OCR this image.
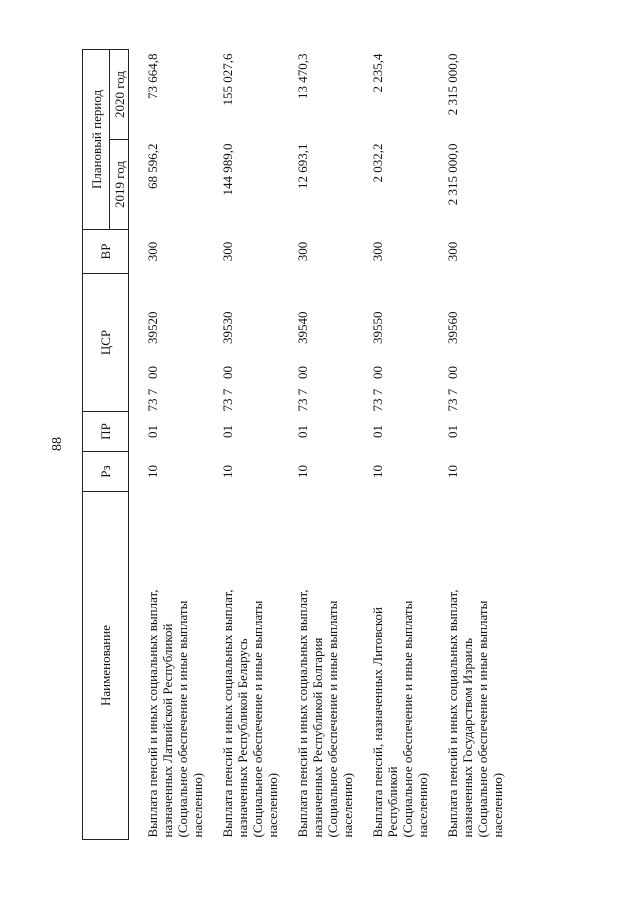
88
Наименование	Рз	ПР	ЦСР	ВР	Плановый период	
					2019 год	2020 год

Выплата пенсий и иных социальных выплат, назначенных Латвийской Республикой (Социальное обеспечение и иные выплаты населению)	10	01	73 70039520	300	68 596,2	73 664,8

Выплата пенсий и иных социальных выплат, назначенных Республикой Беларусь (Социальное обеспечение и иные выплаты населению)	10	01	73 70039530	300	144 989,0	155 027,6

Выплата пенсий и иных социальных выплат, назначенных Республикой Болгария (Социальное обеспечение и иные выплаты населению)	10	01	73 70039540	300	12 693,1	13 470,3

Выплата пенсий, назначенных Литовской Республикой (Социальное обеспечение и иные выплаты населению)	10	01	73 70039550	300	2 032,2	2 235,4

Выплата пенсий и иных социальных выплат, назначенных Государством Израиль (Социальное обеспечение и иные выплаты населению)	10	01	73 70039560	300	2 315 000,0	2 315 000,0
